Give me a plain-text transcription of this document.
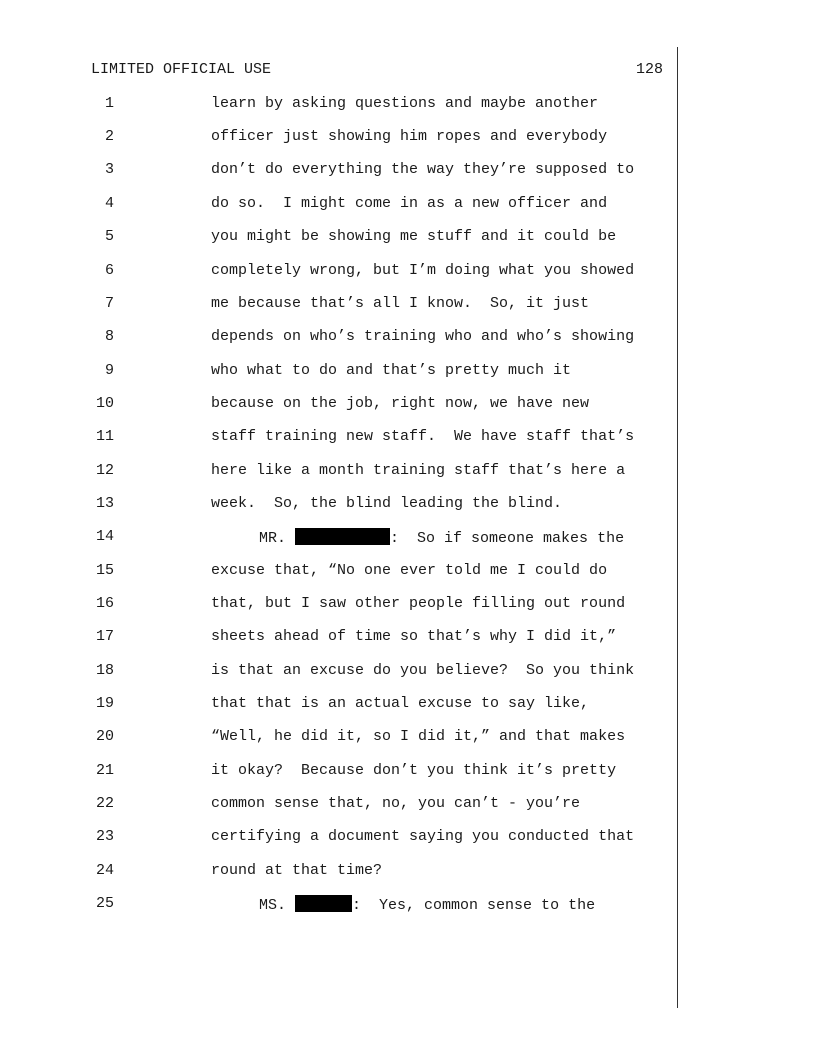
LIMITED OFFICIAL USE	128
1	learn by asking questions and maybe another
2	officer just showing him ropes and everybody
3	don’t do everything the way they’re supposed to
4	do so.  I might come in as a new officer and
5	you might be showing me stuff and it could be
6	completely wrong, but I’m doing what you showed
7	me because that’s all I know.  So, it just
8	depends on who’s training who and who’s showing
9	who what to do and that’s pretty much it
10	because on the job, right now, we have new
11	staff training new staff.  We have staff that’s
12	here like a month training staff that’s here a
13	week.  So, the blind leading the blind.
14	MR.	:  So if someone makes the
15	excuse that, “No one ever told me I could do
16	that, but I saw other people filling out round
17	sheets ahead of time so that’s why I did it,”
18	is that an excuse do you believe?  So you think
19	that that is an actual excuse to say like,
20	“Well, he did it, so I did it,” and that makes
21	it okay?  Because don’t you think it’s pretty
22	common sense that, no, you can’t - you’re
23	certifying a document saying you conducted that
24	round at that time?
25	MS.	:  Yes, common sense to the
